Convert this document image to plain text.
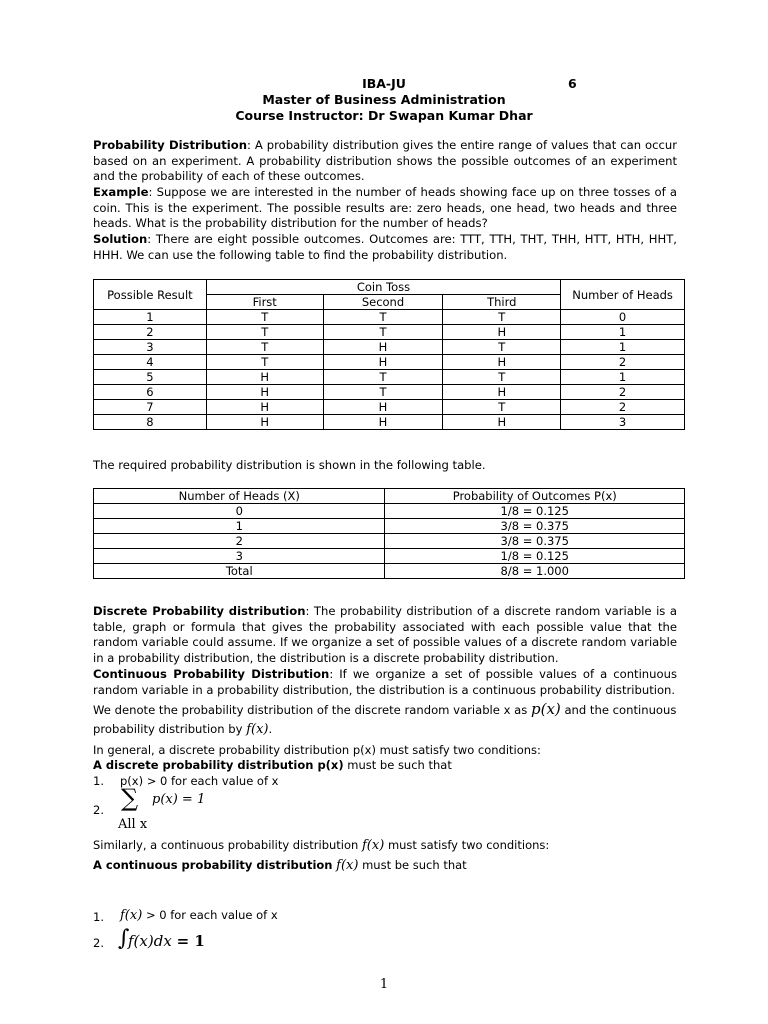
IBA-JU	6
Master of Business Administration
Course Instructor: Dr Swapan Kumar Dhar
Probability Distribution: A probability distribution gives the entire range of values that can occur based on an experiment. A probability distribution shows the possible outcomes of an experiment and the probability of each of these outcomes.
Example: Suppose we are interested in the number of heads showing face up on three tosses of a coin. This is the experiment. The possible results are: zero heads, one head, two heads and three heads. What is the probability distribution for the number of heads?
Solution: There are eight possible outcomes. Outcomes are: TTT, TTH, THT, THH, HTT, HTH, HHT, HHH. We can use the following table to find the probability distribution.
Possible Result	Coin Toss			Number of Heads
	First	Second	Third	
1	T	T	T	0
2	T	T	H	1
3	T	H	T	1
4	T	H	H	2
5	H	T	T	1
6	H	T	H	2
7	H	H	T	2
8	H	H	H	3
The required probability distribution is shown in the following table.
Number of Heads (X)	Probability of Outcomes P(x)
0	1/8 = 0.125
1	3/8 = 0.375
2	3/8 = 0.375
3	1/8 = 0.125
Total	8/8 = 1.000
Discrete Probability distribution: The probability distribution of a discrete random variable is a table, graph or formula that gives the probability associated with each possible value that the random variable could assume. If we organize a set of possible values of a discrete random variable in a probability distribution, the distribution is a discrete probability distribution.
Continuous Probability Distribution: If we organize a set of possible values of a continuous random variable in a probability distribution, the distribution is a continuous probability distribution.
We denote the probability distribution of the discrete random variable x as p(x) and the continuous
probability distribution by f(x).
In general, a discrete probability distribution p(x) must satisfy two conditions:
A discrete probability distribution p(x) must be such that
1. p(x) > 0 for each value of x
2. ∑ p(x) = 1
All x
Similarly, a continuous probability distribution f(x) must satisfy two conditions:
A continuous probability distribution f(x) must be such that
1. f(x) > 0 for each value of x
2. ∫
f(x)dx = 1
1
